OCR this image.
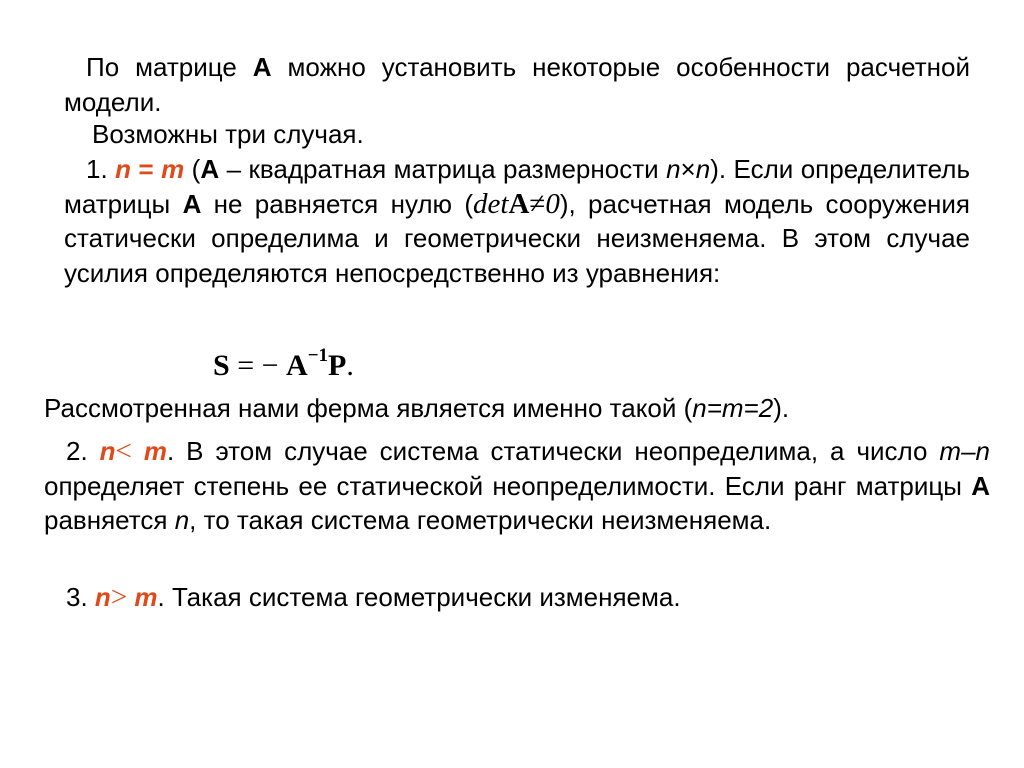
По матрице A можно установить некоторые особенности расчетной модели.
Возможны три случая.
1. n = m (A – квадратная матрица размерности n×n). Если определитель матрицы A не равняется нулю (detA≠0), расчетная модель сооружения статически определима и геометрически неизменяема. В этом случае усилия определяются непосредственно из уравнения:
S = − $A^{-1}P$.
Рассмотренная нами ферма является именно такой (n=m=2).
2. n< m. В этом случае система статически неопределима, а число m–n определяет степень ее статической неопределимости. Если ранг матрицы A равняется n, то такая система геометрически неизменяема.
3. n> m. Такая система геометрически изменяема.
